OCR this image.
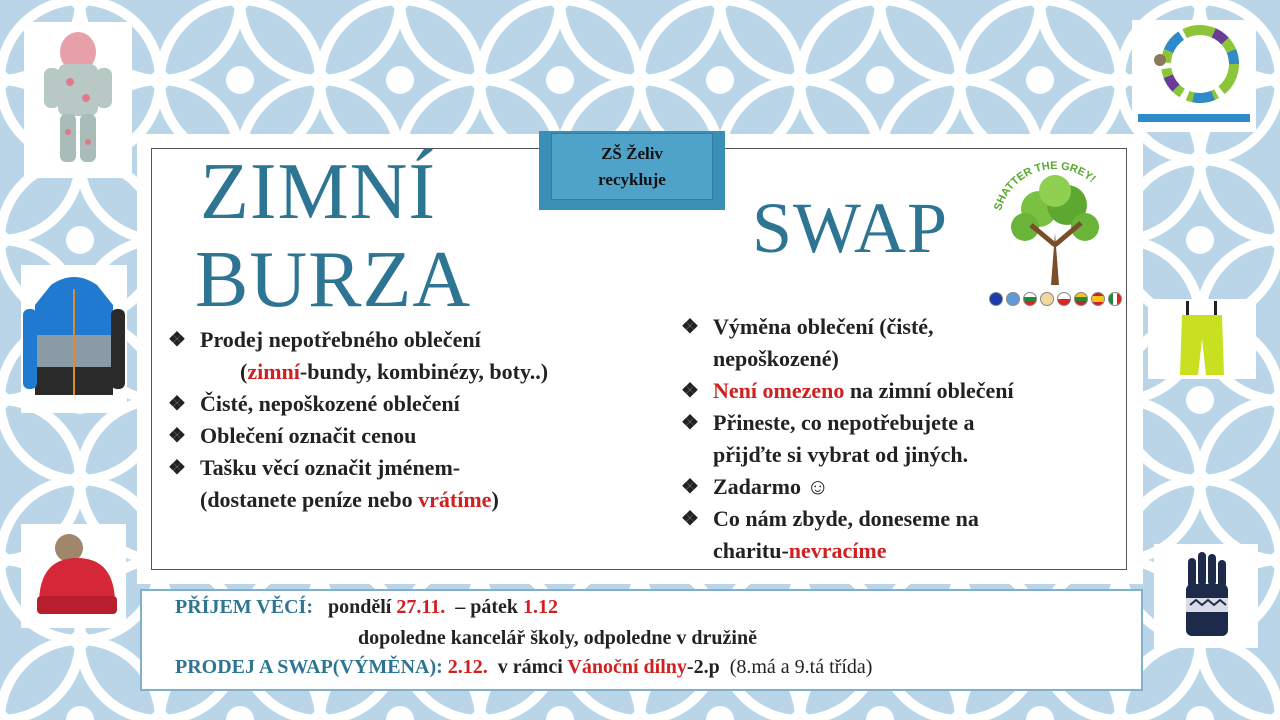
ZŠ Želiv
recykluje
ZIMNÍ
BURZA
SWAP	SHATTER THE GREY!
❖ Prodej nepotřebného oblečení
(zimní-bundy, kombinézy, boty..)
❖ Čisté, nepoškozené oblečení
❖ Oblečení označit cenou
❖ Tašku věcí označit jménem-
(dostanete peníze nebo vrátíme)
❖ Výměna oblečení (čisté,
nepoškozené)
❖ Není omezeno na zimní oblečení
❖ Přineste, co nepotřebujete a
přijďte si vybrat od jiných.
❖ Zadarmo ☺
❖ Co nám zbyde, doneseme na
charitu-nevracíme
PŘÍJEM VĚCÍ: pondělí 27.11. – pátek 1.12
dopoledne kancelář školy, odpoledne v družině
PRODEJ A SWAP(VÝMĚNA): 2.12. v rámci Vánoční dílny-2.p (8.má a 9.tá třída)
